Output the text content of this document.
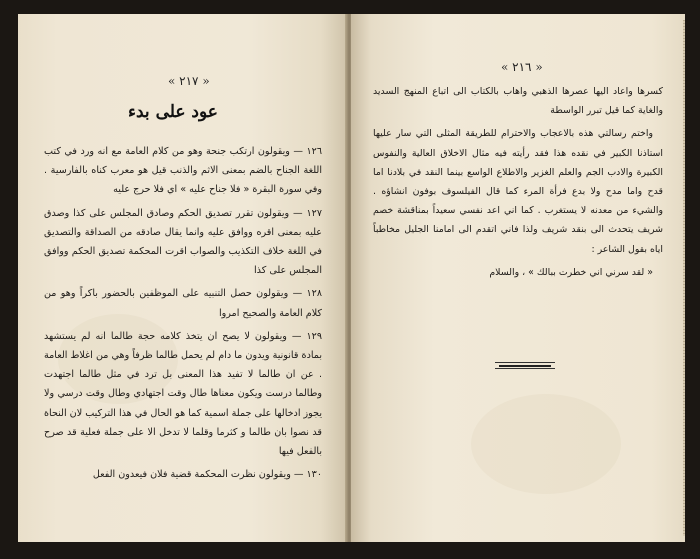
« ٢١٧ »
عود على بدء

١٢٦ — ويقولون ارتكب جنحة وهو من كلام العامة مع انه ورد في كتب اللغة الجناح بالضم بمعنى الاثم والذنب قيل هو معرب كناه بالفارسية . وفي سورة البقرة « فلا جناح عليه » اي فلا حرج عليه

١٢٧ — ويقولون تقرر تصديق الحكم وصادق المجلس على كذا وصدق عليه بمعنى اقره ووافق عليه وانما يقال صادقه من الصداقة والتصديق في اللغة خلاف التكذيب والصواب اقرت المحكمة تصديق الحكم ووافق المجلس على كذا

١٢٨ — ويقولون حصل التنبيه على الموظفين بالحضور باكراً وهو من كلام العامة والصحيح امروا

١٢٩ — ويقولون لا يصح ان يتخذ كلامه حجة طالما انه لم يستشهد بمادة قانونية ويدون ما دام لم يحمل طالما ظرفاً وهي من اغلاط العامة . عن ان طالما لا تفيد هذا المعنى بل ترد في مثل طالما اجتهدت وطالما درست ويكون معناها طال وقت اجتهادي وطال وقت درسي ولا يجوز ادخالها على جملة اسمية كما هو الحال في هذا التركيب لان النحاة قد نصوا بان طالما و كثرما وقلما لا تدخل الا على جملة فعلية قد صرح بالفعل فيها

١٣٠ — ويقولون نظرت المحكمة قضية فلان فيعدون الفعل

« ٢١٦ »

كسرها واعاد اليها عصرها الذهبي واهاب بالكتاب الى اتباع المنهج السديد والغاية كما قيل تبرر الواسطة

واختم رسالتي هذه بالاعجاب والاحترام للطريقة المثلى التي سار عليها استاذنا الكبير في نقده هذا فقد رأيته فيه مثال الاخلاق العالية والنفوس الكبيرة والادب الجم والعلم الغزير والاطلاع الواسع بينما النقد في بلادنا اما قدح واما مدح ولا بدع فرأة المرء كما قال الفيلسوف بوفون انشاؤه . والشيء من معدنه لا يستغرب . كما اني اعد نفسي سعيداً بمناقشة خصم شريف يتحدث الى بنقد شريف ولذا فاني اتقدم الى امامنا الجليل مخاطباً اياه بقول الشاعر :

« لقد سرني اني خطرت ببالك » ، والسلام
